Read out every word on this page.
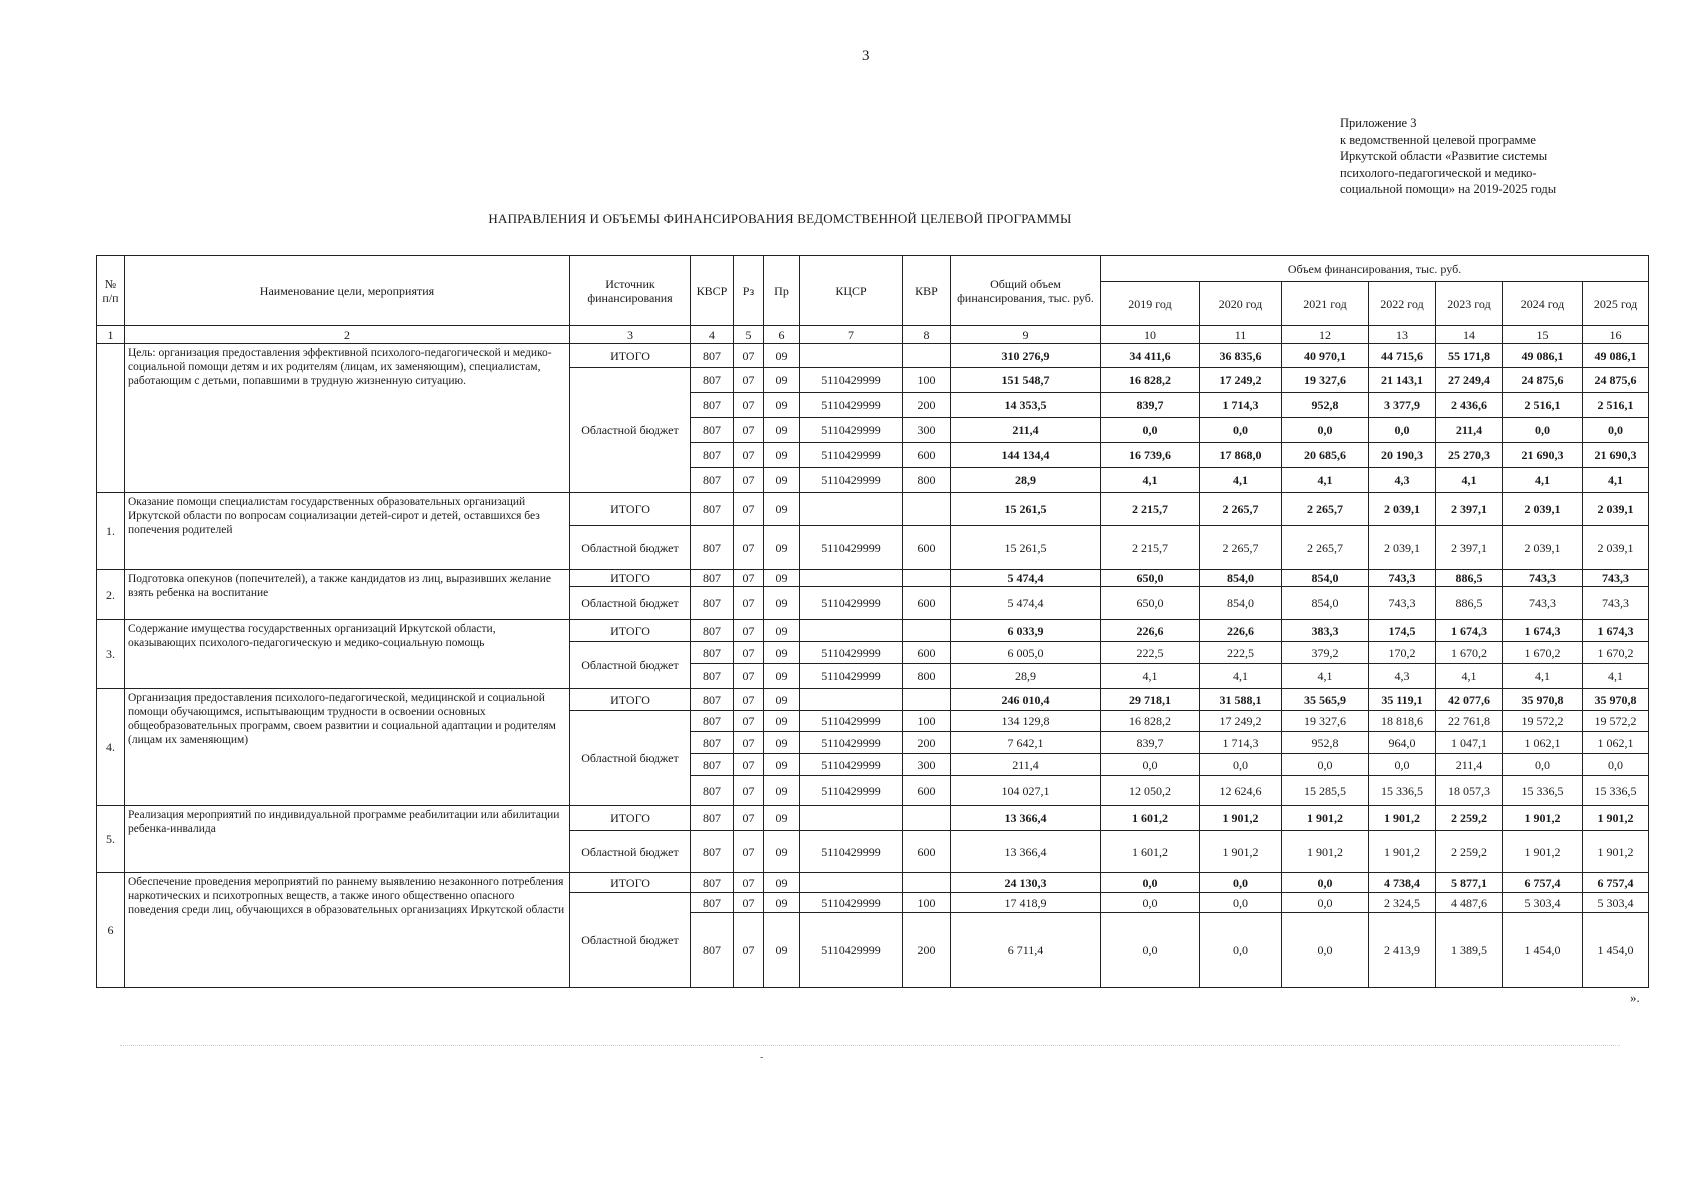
3
Приложение 3
к ведомственной целевой программе
Иркутской области «Развитие системы
психолого-педагогической и медико-
социальной помощи» на 2019-2025 годы
НАПРАВЛЕНИЯ И ОБЪЕМЫ ФИНАНСИРОВАНИЯ ВЕДОМСТВЕННОЙ ЦЕЛЕВОЙ ПРОГРАММЫ
№ п/п	Наименование цели, мероприятия	Источник финансирования	КВСР	Рз	Пр	КЦСР	КВР	Общий объем финансирования, тыс. руб.	Объем финансирования, тыс. руб.						
									2019 год	2020 год	2021 год	2022 год	2023 год	2024 год	2025 год
1	2	3	4	5	6	7	8	9	10	11	12	13	14	15	16
	Цель: организация предоставления эффективной психолого-педагогической и медико-социальной помощи детям и их родителям (лицам, их заменяющим), специалистам, работающим с детьми, попавшими в трудную жизненную ситуацию.	ИТОГО	807	07	09			310 276,9	34 411,6	36 835,6	40 970,1	44 715,6	55 171,8	49 086,1	49 086,1
		Областной бюджет	807	07	09	5110429999	100	151 548,7	16 828,2	17 249,2	19 327,6	21 143,1	27 249,4	24 875,6	24 875,6
			807	07	09	5110429999	200	14 353,5	839,7	1 714,3	952,8	3 377,9	2 436,6	2 516,1	2 516,1
			807	07	09	5110429999	300	211,4	0,0	0,0	0,0	0,0	211,4	0,0	0,0
			807	07	09	5110429999	600	144 134,4	16 739,6	17 868,0	20 685,6	20 190,3	25 270,3	21 690,3	21 690,3
			807	07	09	5110429999	800	28,9	4,1	4,1	4,1	4,3	4,1	4,1	4,1
1.	Оказание помощи специалистам государственных образовательных организаций Иркутской области по вопросам социализации детей-сирот и детей, оставшихся без попечения родителей	ИТОГО	807	07	09			15 261,5	2 215,7	2 265,7	2 265,7	2 039,1	2 397,1	2 039,1	2 039,1
		Областной бюджет	807	07	09	5110429999	600	15 261,5	2 215,7	2 265,7	2 265,7	2 039,1	2 397,1	2 039,1	2 039,1
2.	Подготовка опекунов (попечителей), а также кандидатов из лиц, выразивших желание взять ребенка на воспитание	ИТОГО	807	07	09			5 474,4	650,0	854,0	854,0	743,3	886,5	743,3	743,3
		Областной бюджет	807	07	09	5110429999	600	5 474,4	650,0	854,0	854,0	743,3	886,5	743,3	743,3
3.	Содержание имущества государственных организаций Иркутской области, оказывающих психолого-педагогическую и медико-социальную помощь	ИТОГО	807	07	09			6 033,9	226,6	226,6	383,3	174,5	1 674,3	1 674,3	1 674,3
		Областной бюджет	807	07	09	5110429999	600	6 005,0	222,5	222,5	379,2	170,2	1 670,2	1 670,2	1 670,2
			807	07	09	5110429999	800	28,9	4,1	4,1	4,1	4,3	4,1	4,1	4,1
4.	Организация предоставления психолого-педагогической, медицинской и социальной помощи обучающимся, испытывающим трудности в освоении основных общеобразовательных программ, своем развитии и социальной адаптации и родителям (лицам их заменяющим)	ИТОГО	807	07	09			246 010,4	29 718,1	31 588,1	35 565,9	35 119,1	42 077,6	35 970,8	35 970,8
		Областной бюджет	807	07	09	5110429999	100	134 129,8	16 828,2	17 249,2	19 327,6	18 818,6	22 761,8	19 572,2	19 572,2
			807	07	09	5110429999	200	7 642,1	839,7	1 714,3	952,8	964,0	1 047,1	1 062,1	1 062,1
			807	07	09	5110429999	300	211,4	0,0	0,0	0,0	0,0	211,4	0,0	0,0
			807	07	09	5110429999	600	104 027,1	12 050,2	12 624,6	15 285,5	15 336,5	18 057,3	15 336,5	15 336,5
5.	Реализация мероприятий по индивидуальной программе реабилитации или абилитации ребенка-инвалида	ИТОГО	807	07	09			13 366,4	1 601,2	1 901,2	1 901,2	1 901,2	2 259,2	1 901,2	1 901,2
		Областной бюджет	807	07	09	5110429999	600	13 366,4	1 601,2	1 901,2	1 901,2	1 901,2	2 259,2	1 901,2	1 901,2
6	Обеспечение проведения мероприятий по раннему выявлению незаконного потребления наркотических и психотропных веществ, а также иного общественно опасного поведения среди лиц, обучающихся в образовательных организациях Иркутской области	ИТОГО	807	07	09			24 130,3	0,0	0,0	0,0	4 738,4	5 877,1	6 757,4	6 757,4
		Областной бюджет	807	07	09	5110429999	100	17 418,9	0,0	0,0	0,0	2 324,5	4 487,6	5 303,4	5 303,4
			807	07	09	5110429999	200	6 711,4	0,0	0,0	0,0	2 413,9	1 389,5	1 454,0	1 454,0
».
-
